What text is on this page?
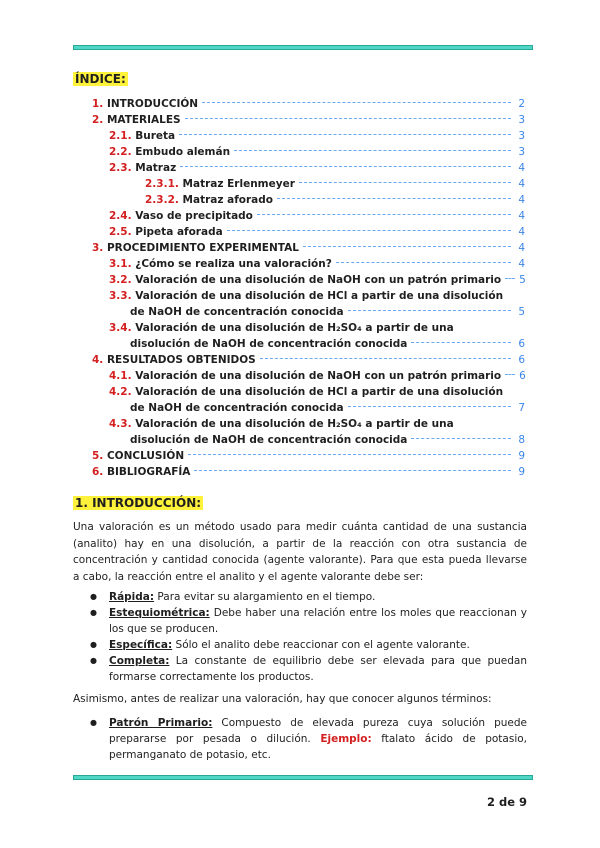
ÍNDICE:
1. INTRODUCCIÓN	2
2. MATERIALES	3
2.1. Bureta	3
2.2. Embudo alemán	3
2.3. Matraz	4
2.3.1. Matraz Erlenmeyer	4
2.3.2. Matraz aforado	4
2.4. Vaso de precipitado	4
2.5. Pipeta aforada	4
3. PROCEDIMIENTO EXPERIMENTAL	4
3.1. ¿Cómo se realiza una valoración?	4
3.2. Valoración de una disolución de NaOH con un patrón primario 5
3.3. Valoración de una disolución de HCl a partir de una disolución
de NaOH de concentración conocida	5
3.4. Valoración de una disolución de H₂SO₄ a partir de una
disolución de NaOH de concentración conocida	6
4. RESULTADOS OBTENIDOS	6
4.1. Valoración de una disolución de NaOH con un patrón primario 6
4.2. Valoración de una disolución de HCl a partir de una disolución
de NaOH de concentración conocida	7
4.3. Valoración de una disolución de H₂SO₄ a partir de una
disolución de NaOH de concentración conocida	8
5. CONCLUSIÓN	9
6. BIBLIOGRAFÍA	9
1. INTRODUCCIÓN:

Una valoración es un método usado para medir cuánta cantidad de una sustancia (analito) hay en una disolución, a partir de la reacción con otra sustancia de concentración y cantidad conocida (agente valorante). Para que esta pueda llevarse a cabo, la reacción entre el analito y el agente valorante debe ser:

● Rápida: Para evitar su alargamiento en el tiempo.
● Estequiométrica: Debe haber una relación entre los moles que reaccionan y los que se producen.
● Específica: Sólo el analito debe reaccionar con el agente valorante.
● Completa: La constante de equilibrio debe ser elevada para que puedan formarse correctamente los productos.

Asimismo, antes de realizar una valoración, hay que conocer algunos términos:

● Patrón Primario: Compuesto de elevada pureza cuya solución puede prepararse por pesada o dilución. Ejemplo: ftalato ácido de potasio, permanganato de potasio, etc.
2 de 9
